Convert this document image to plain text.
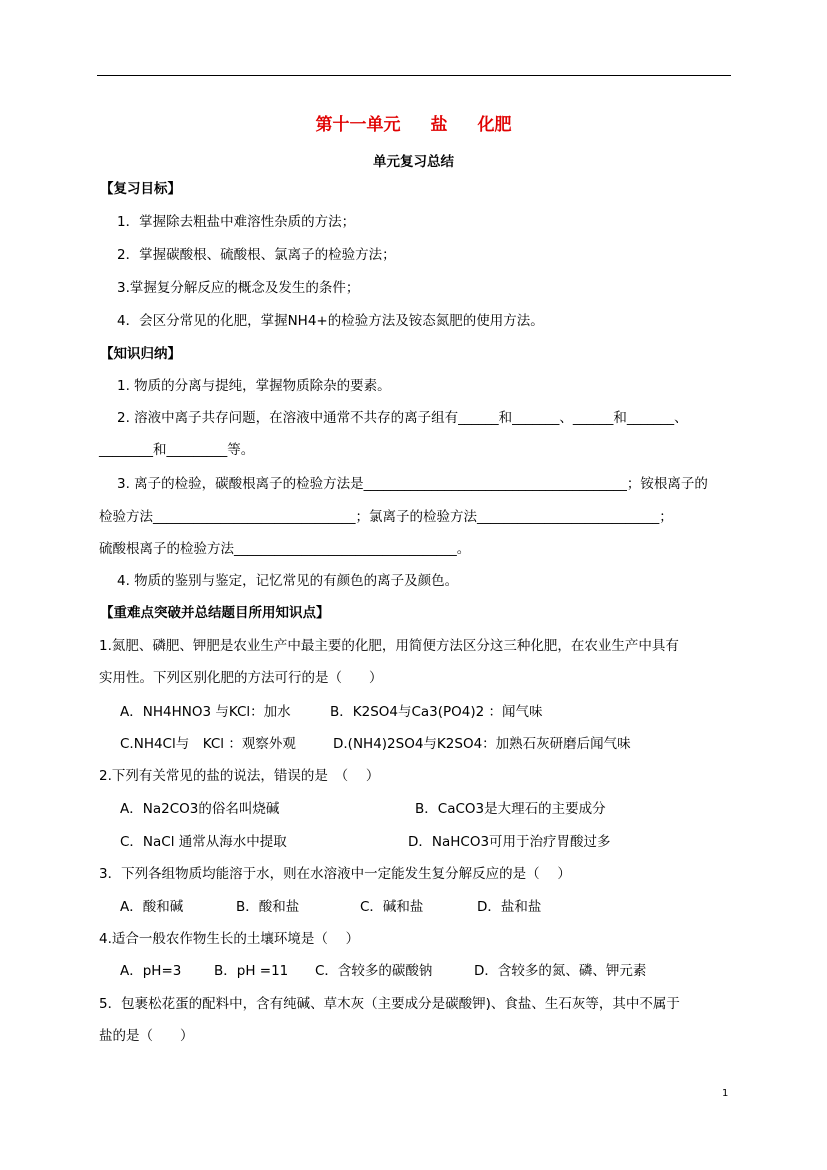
第十一单元 盐 化肥
单元复习总结
【复习目标】
1．掌握除去粗盐中难溶性杂质的方法；
2．掌握碳酸根、硫酸根、氯离子的检验方法；
3.掌握复分解反应的概念及发生的条件；
4．会区分常见的化肥，掌握NH4+的检验方法及铵态氮肥的使用方法。
【知识归纳】
1. 物质的分离与提纯，掌握物质除杂的要素。
2. 溶液中离子共存问题，在溶液中通常不共存的离子组有______和_______、______和_______、
________和_________等。
3. 离子的检验，碳酸根离子的检验方法是_______________________________________；铵根离子的
检验方法______________________________；氯离子的检验方法___________________________；
硫酸根离子的检验方法_________________________________。
4. 物质的鉴别与鉴定，记忆常见的有颜色的离子及颜色。
【重难点突破并总结题目所用知识点】
1.氮肥、磷肥、钾肥是农业生产中最主要的化肥，用简便方法区分这三种化肥，在农业生产中具有
实用性。下列区别化肥的方法可行的是（　　）
A．NH4HNO3 与KCl：加水	B．K2SO4与Ca3(PO4)2 ：闻气味
C.NH4Cl与　KCl ：观察外观	D.(NH4)2SO4与K2SO4：加熟石灰研磨后闻气味
2.下列有关常见的盐的说法，错误的是　（　 ）
A．Na2CO3的俗名叫烧碱	B．CaCO3是大理石的主要成分
C．NaCl 通常从海水中提取	D．NaHCO3可用于治疗胃酸过多
3．下列各组物质均能溶于水，则在水溶液中一定能发生复分解反应的是（　 ）
A．酸和碱	B．酸和盐	C．碱和盐	D．盐和盐
4.适合一般农作物生长的土壤环境是（　 ）
A．pH=3 B．pH =11 C．含较多的碳酸钠	D．含较多的氮、磷、钾元素
5．包裹松花蛋的配料中，含有纯碱、草木灰（主要成分是碳酸钾)、食盐、生石灰等，其中不属于
盐的是（　　）
1
